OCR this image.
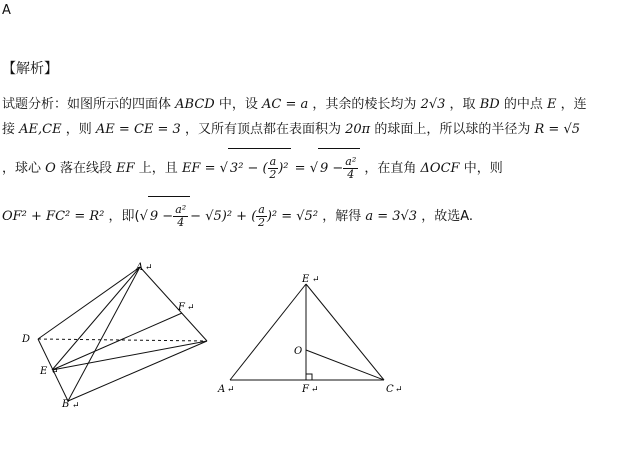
A
【解析】
试题分析：如图所示的四面体 ABCD 中，设 AC = a ，其余的棱长均为 2√3 ，取 BD 的中点 E ，连
接 AE,CE ，则 AE = CE = 3 ，又所有顶点都在表面积为 20π 的球面上，所以球的半径为 R = √5
，球心 O 落在线段 EF 上，且 EF = √ 3² − ( $\frac{a}{2} )^2$ = √ $9 - \frac{\text{a²}}{4}$ ，在直角 ΔOCF 中，则
OF² + FC² = R² ，即(√ $9 - \frac{\text{a²}}{4} - √5)^2$ + ( $\frac{a}{2} )^2 = √5^2$ ，解得 a = 3√3 ，故选A.
A ↵
F ↵
D
E ↵
B ↵
E ↵
O
A ↵	F ↵	C ↵
